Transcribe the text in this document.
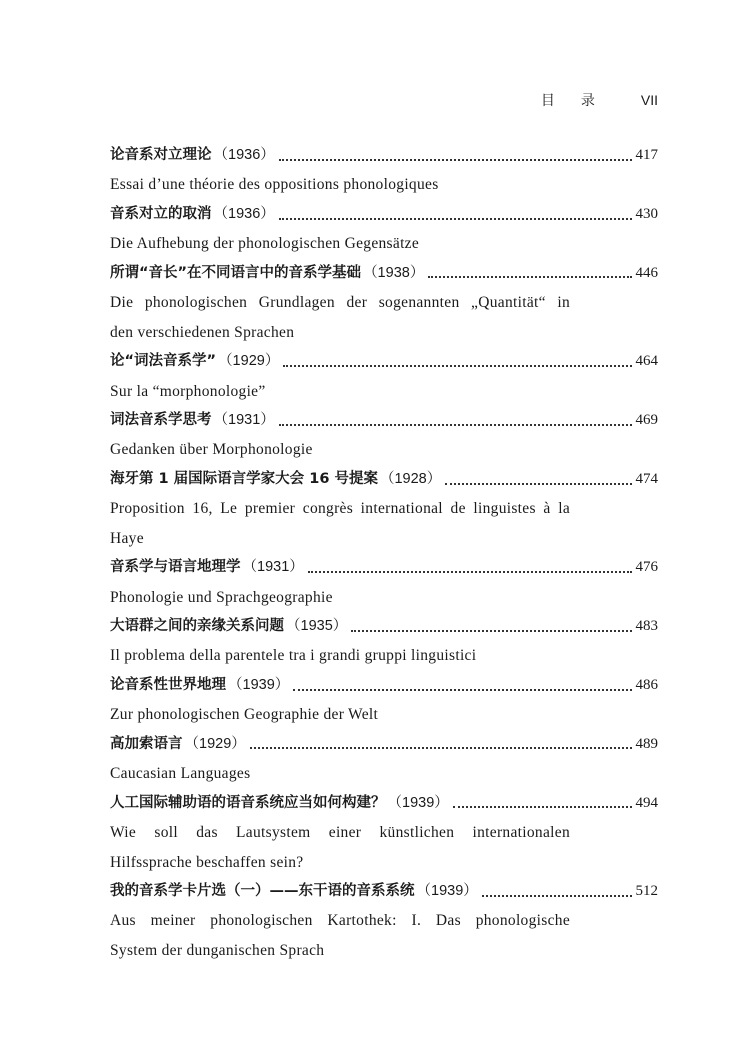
目录 VII
论音系对立理论 （1936）	417
Essai d’une théorie des oppositions phonologiques
音系对立的取消 （1936）	430
Die Aufhebung der phonologischen Gegensätze
所谓“音长”在不同语言中的音系学基础 （1938）	446
Die phonologischen Grundlagen der sogenannten „Quantität“ in
den verschiedenen Sprachen
论“词法音系学” （1929）	464
Sur la “morphonologie”
词法音系学思考 （1931）	469
Gedanken über Morphonologie
海牙第 1 届国际语言学家大会 16 号提案 （1928）	474
Proposition 16, Le premier congrès international de linguistes à la
Haye
音系学与语言地理学 （1931）	476
Phonologie und Sprachgeographie
大语群之间的亲缘关系问题 （1935）	483
Il problema della parentele tra i grandi gruppi linguistici
论音系性世界地理 （1939）	486
Zur phonologischen Geographie der Welt
高加索语言 （1929）	489
Caucasian Languages
人工国际辅助语的语音系统应当如何构建？ （1939）	494
Wie soll das Lautsystem einer künstlichen internationalen
Hilfssprache beschaffen sein?
我的音系学卡片选（一）——东干语的音系系统 （1939）	512
Aus meiner phonologischen Kartothek: I. Das phonologische
System der dunganischen Sprach
